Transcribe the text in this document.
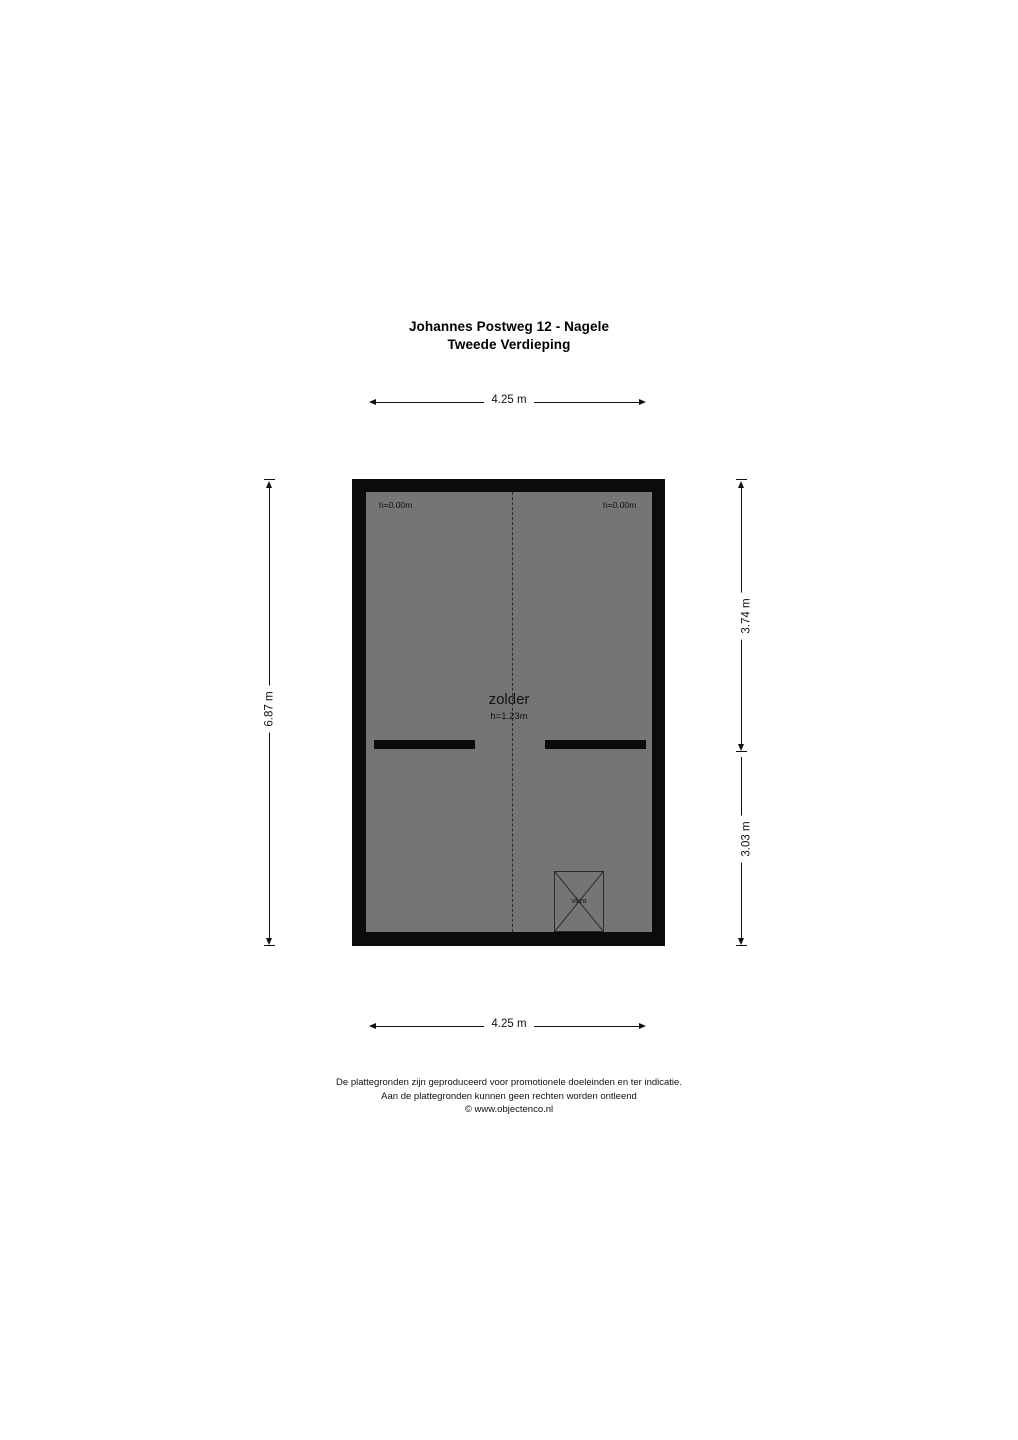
Johannes Postweg 12 - Nagele
Tweede Verdieping
4.25 m
h=0.00m	h=0.00m
zolder
h=1.23m
vlizo
6.87 m
3.74 m
3.03 m
4.25 m
De plattegronden zijn geproduceerd voor promotionele doeleinden en ter indicatie.
Aan de plattegronden kunnen geen rechten worden ontleend
© www.objectenco.nl
